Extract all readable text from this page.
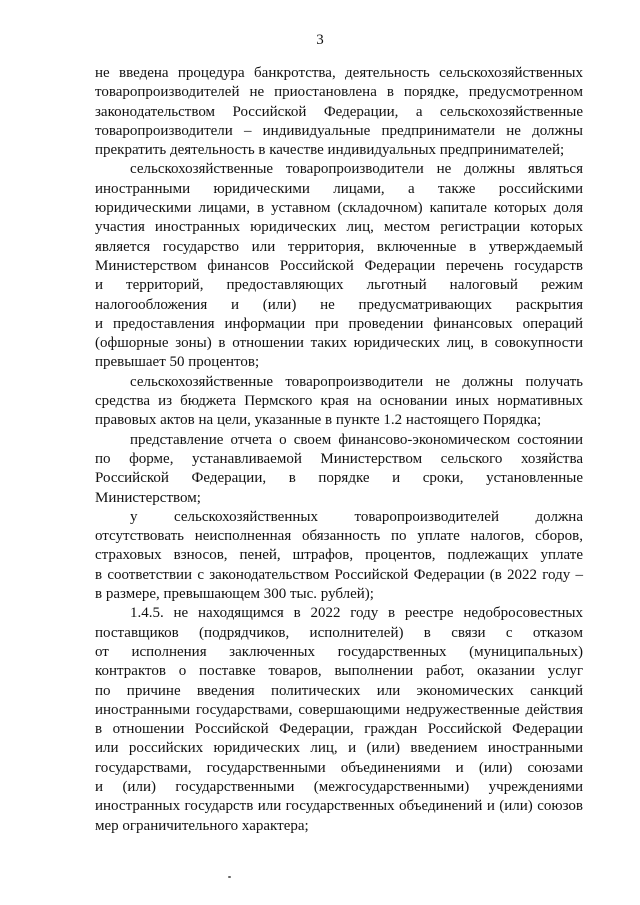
3
не введена процедура банкротства, деятельность сельскохозяйственных
товаропроизводителей не приостановлена в порядке, предусмотренном
законодательством Российской Федерации, а сельскохозяйственные
товаропроизводители – индивидуальные предприниматели не должны
прекратить деятельность в качестве индивидуальных предпринимателей;
сельскохозяйственные товаропроизводители не должны являться
иностранными юридическими лицами, а также российскими
юридическими лицами, в уставном (складочном) капитале которых доля
участия иностранных юридических лиц, местом регистрации которых
является государство или территория, включенные в утверждаемый
Министерством финансов Российской Федерации перечень государств
и территорий, предоставляющих льготный налоговый режим
налогообложения и (или) не предусматривающих раскрытия
и предоставления информации при проведении финансовых операций
(офшорные зоны) в отношении таких юридических лиц, в совокупности
превышает 50 процентов;
сельскохозяйственные товаропроизводители не должны получать
средства из бюджета Пермского края на основании иных нормативных
правовых актов на цели, указанные в пункте 1.2 настоящего Порядка;
представление отчета о своем финансово-экономическом состоянии
по форме, устанавливаемой Министерством сельского хозяйства
Российской Федерации, в порядке и сроки, установленные
Министерством;
у сельскохозяйственных товаропроизводителей должна
отсутствовать неисполненная обязанность по уплате налогов, сборов,
страховых взносов, пеней, штрафов, процентов, подлежащих уплате
в соответствии с законодательством Российской Федерации (в 2022 году –
в размере, превышающем 300 тыс. рублей);
1.4.5. не находящимся в 2022 году в реестре недобросовестных
поставщиков (подрядчиков, исполнителей) в связи с отказом
от исполнения заключенных государственных (муниципальных)
контрактов о поставке товаров, выполнении работ, оказании услуг
по причине введения политических или экономических санкций
иностранными государствами, совершающими недружественные действия
в отношении Российской Федерации, граждан Российской Федерации
или российских юридических лиц, и (или) введением иностранными
государствами, государственными объединениями и (или) союзами
и (или) государственными (межгосударственными) учреждениями
иностранных государств или государственных объединений и (или) союзов
мер ограничительного характера;
